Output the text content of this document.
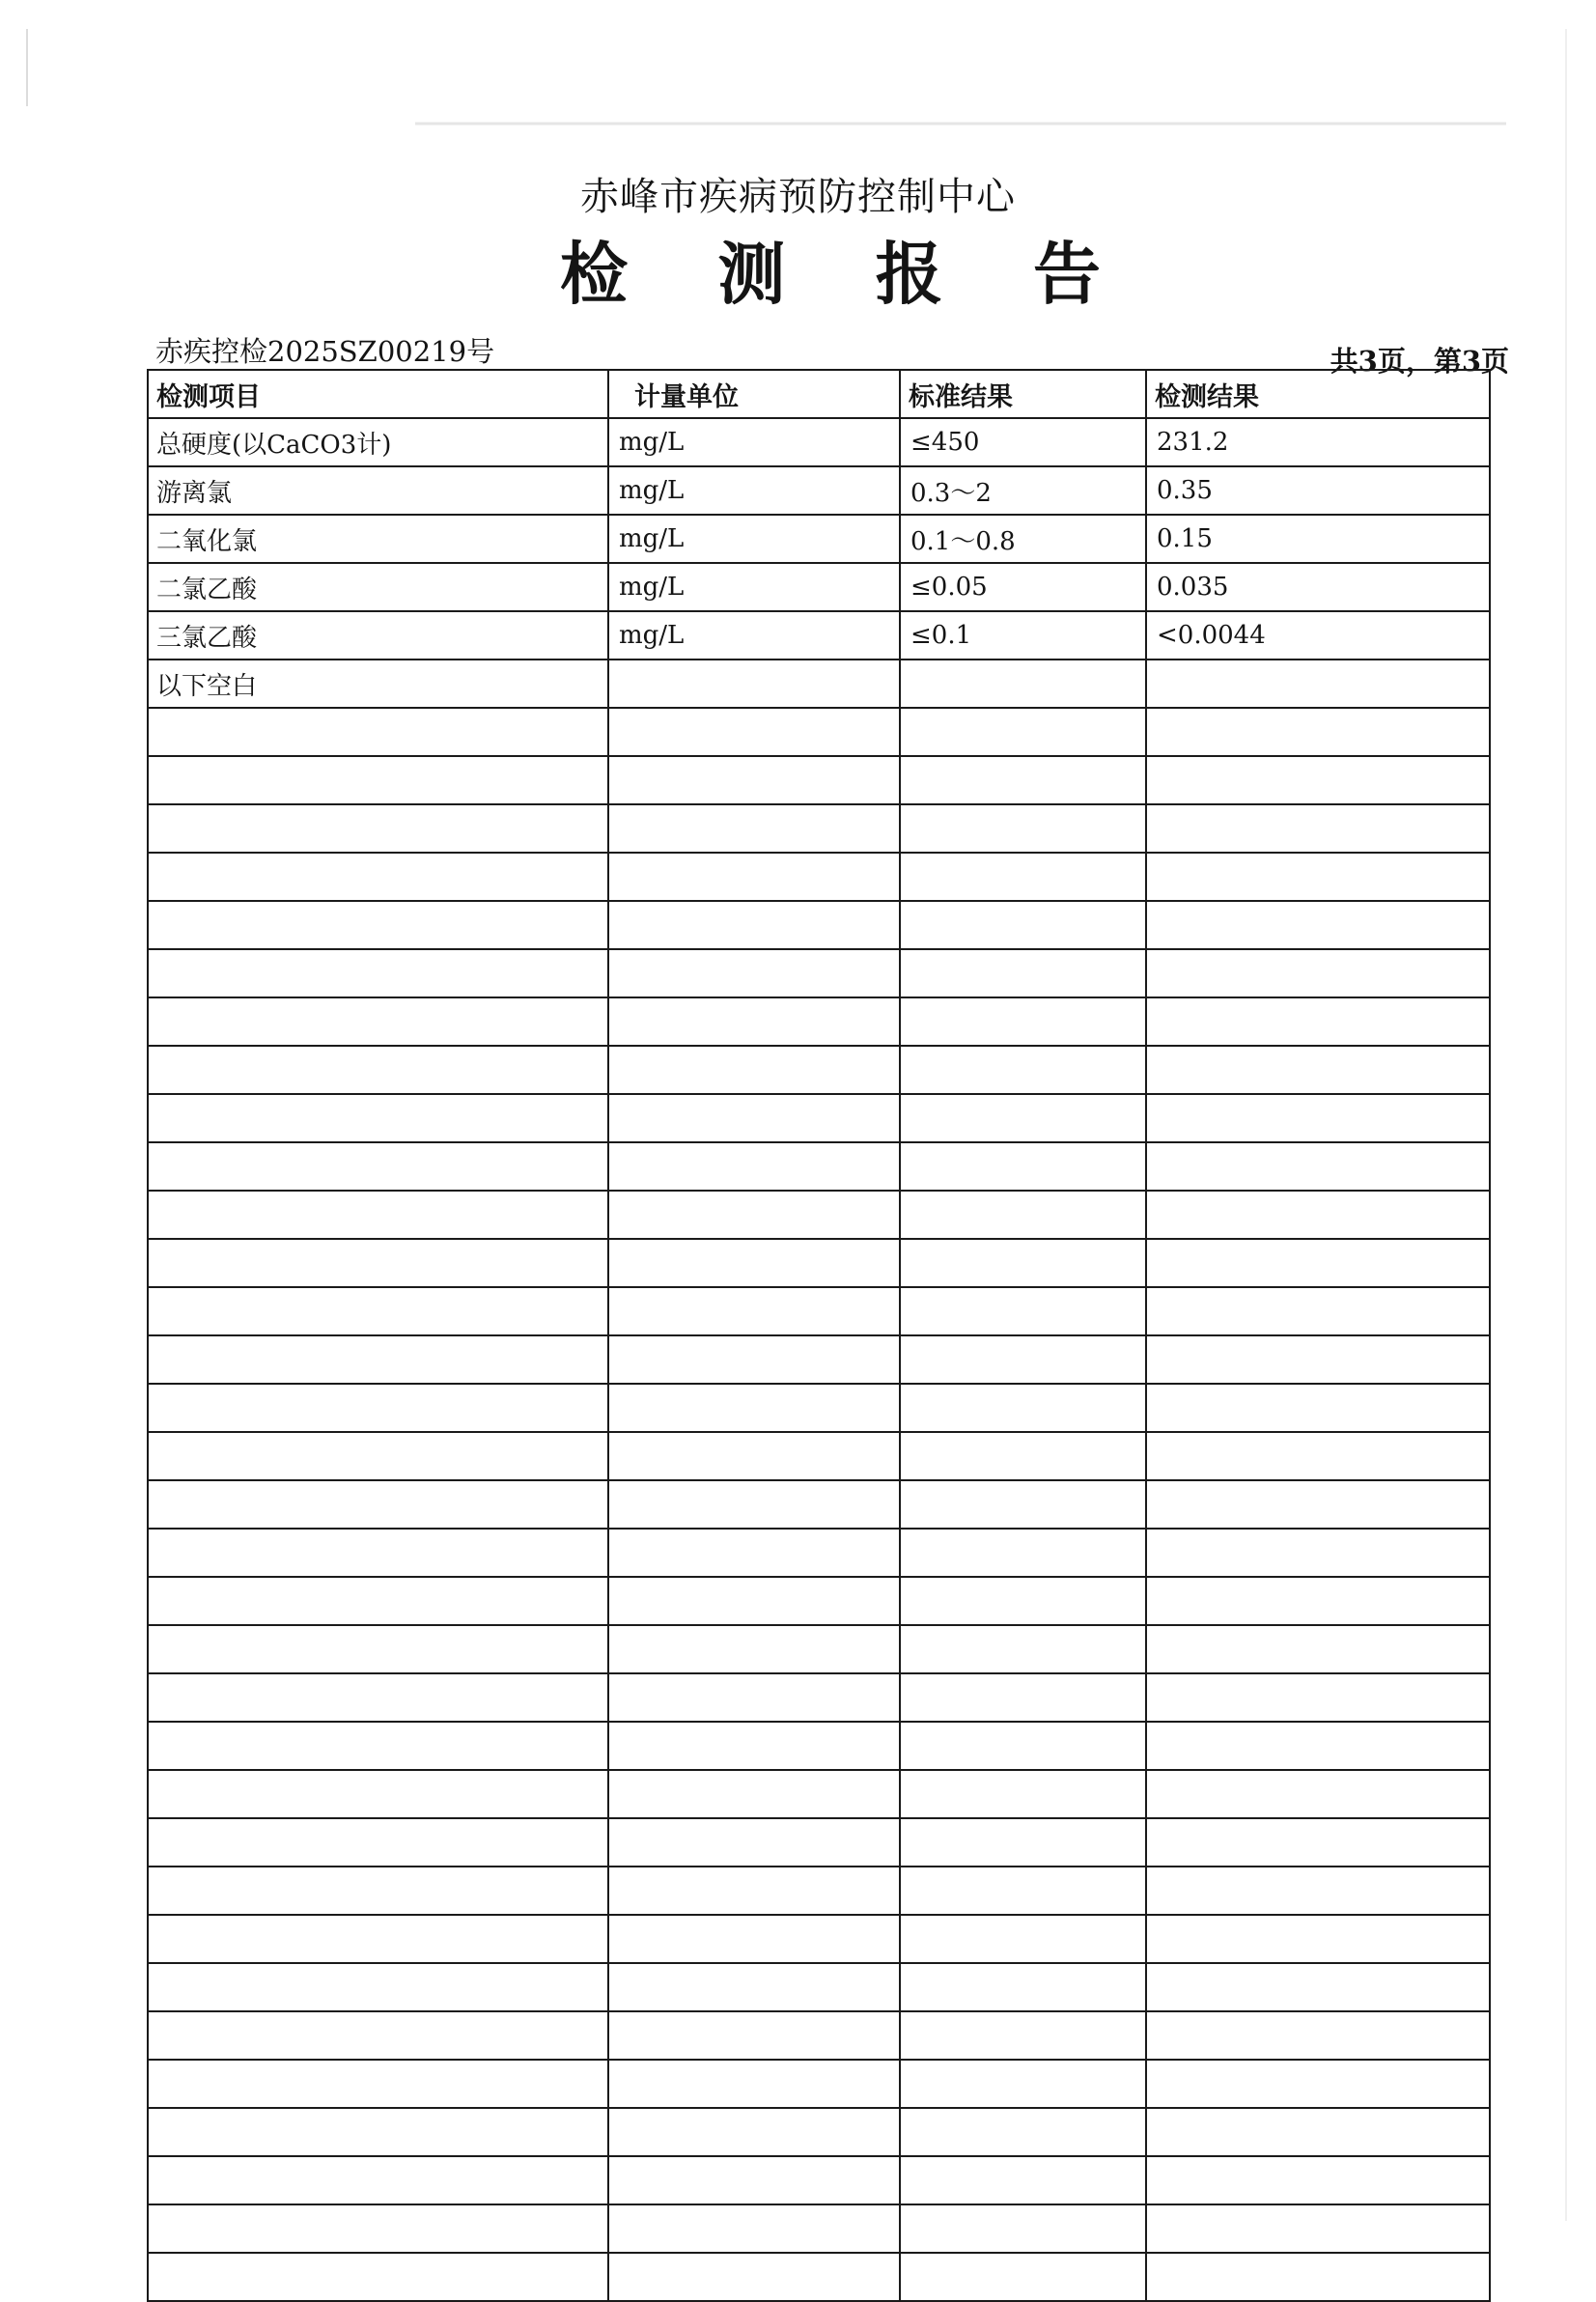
赤峰市疾病预防控制中心
检 测 报 告
赤疾控检2025SZ00219号	共3页，第3页
检测项目	计量单位	标准结果	检测结果
总硬度(以CaCO3计)	mg/L	≤450	231.2
游离氯	mg/L	0.3～2	0.35
二氧化氯	mg/L	0.1～0.8	0.15
二氯乙酸	mg/L	≤0.05	0.035
三氯乙酸	mg/L	≤0.1	<0.0044
以下空白			
